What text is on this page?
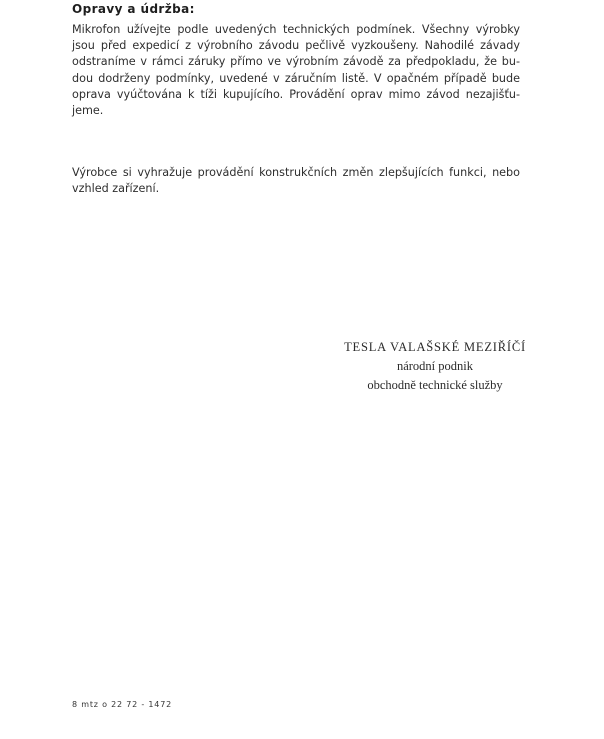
Opravy a údržba:
Mikrofon užívejte podle uvedených technických podmínek. Všechny výrobky
jsou před expedicí z výrobního závodu pečlivě vyzkoušeny. Nahodilé závady
odstraníme v rámci záruky přímo ve výrobním závodě za předpokladu, že bu-
dou dodrženy podmínky, uvedené v záručním listě. V opačném případě bude
oprava vyúčtována k tíži kupujícího. Provádění oprav mimo závod nezajišťu-
jeme.
Výrobce si vyhražuje provádění konstrukčních změn zlepšujících funkci, nebo
vzhled zařízení.
TESLA VALAŠSKÉ MEZIŘÍČÍ
národní podnik
obchodně technické služby
8 mtz o 22 72 - 1472
